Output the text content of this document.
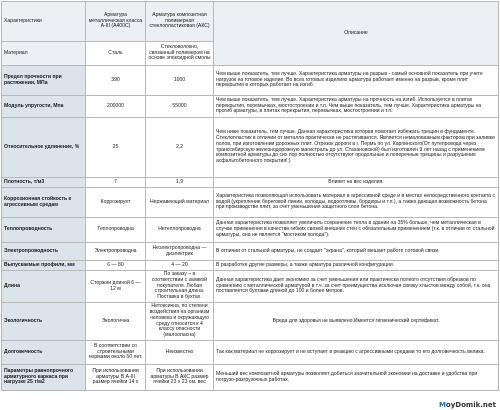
Характеристики	Арматура металлическая класса A-III (A400C)	Арматура композитная полимерная стеклопластиковая (АКС)	Описание
Материал	Сталь	Стекловолокно, связанный полимером на основе эпоксидной смолы	
Предел прочности при растяжении, МПа	390	1000	Чем выше показатель, тем лучше. Характеристика арматуры на разрыв - самый основной показатель при учете нагрузок на готовое изделие. Во всех готовых изделиях арматура работает именно на разрыв, кроме плит перекрытия в которых работает на изгиб.
Модуль упругости, Мпа	200000	55000	Чем выше показатель, тем лучше. Характеристика арматуры на прочность на изгиб. Используется в плитах перекрытия, перемычках, мостостроении и т.п. Чем выше показатель, тем лучше. Характеристика арматуры на прогиб арматуры, в плитах перекрытия, перемычках, мостостроении и т.п.
Относительное удлинение, %	25	2,2	Чем ниже показатель, тем лучше. Данная характеристика которая помогает избежать трещин в фундаменте. Стеклопластик в отличии от металла практически не растягивается. Является немаловажным фактором при заливке полов, при изготовлении дорожных плит. Отрезок дороги в г. Пермь по ул. Карпинского(От путепровода через транссибирскую железнодорожную магистраль до ул. Стахановской) был изготовлен 9 лет назад с применением композитной арматуры до сих пор полностью отсутствуют продольные и поперечные трещины и разрушение асфальтобетонного покрытия!:)
Плотность, т/м3	7	1,9	Влияет на вес изделия.
Коррозионная стойкость к агрессивным средам	Коррозирует	Нержавеющий материал	Характеристика позволяющая использовать материал в агрессивной среде и в местах непосредственного контакта с водой (укрепление береговой линии, колодцы, водоотливы, бордюры и т.п.), а также дающая возможность бетона при производстве плит, за счет уменьшения защитного слоя бетона.
Теплопроводность	Теплопроводна	Нетеплопроводна	Данная характеристика позволяет увеличить сохранение тепла в здании на 35% больше, чем металлическая в случае применения в качестве гибких связей внешних стен с обязательным применением (т.к. в отличии от стальной арматуры, она не является "мостиком холода").
Электропроводность	Электропроводна	Неэлектропроводна — диэлектрик	В отличии от стальной арматуры, не создает "экрана", который мешает работе сотовой связи.
Выпускаемые профили, мм	6 — 80	4 — 20	В разработке другие размеры, а также арматура различной конфигурации.
Длина	Стержни длиной 6 — 12 м	По заказу – в соответствии с заявкой покупателя. Любая строительная длина. Поставка в бухтах.	Данная характеристика дает экономию за счет уменьшения или практически полного отсутствия обрезков по сравнению с металлической арматурой в т.ч. за счет преимущества исключая связку хлыстов между собой, т.к. она поставляется бухтами длиной до 100 и более метров.
Экологичность	Экологична	Нетоксична, по степени воздействия на организм человека и окружающую среду относится к 4 классу опасности (малоопасна)	Вреда для здоровья не выявлено.Имеется гигиенический сертификат.
Долговечность	В соответствии со строительными нормами около 50 лет.	Неизвестно	Так как материал не коррозирует и не вступает в реакцию с агрессивными средами то его долговечность велика.
Параметры равнопрочного арматурного каркаса при нагрузке 25 т/м2	При использовании арматуры В А-III размер ячейки 14 х	При использовании арматуры В АКС размер ячейки 23 х 23 см. вес	Меньший вес композитной арматуры позволяет добиться значительной экономии на доставке и удобства при погрузо-разгрузочных работах.
MoyDomik.net
